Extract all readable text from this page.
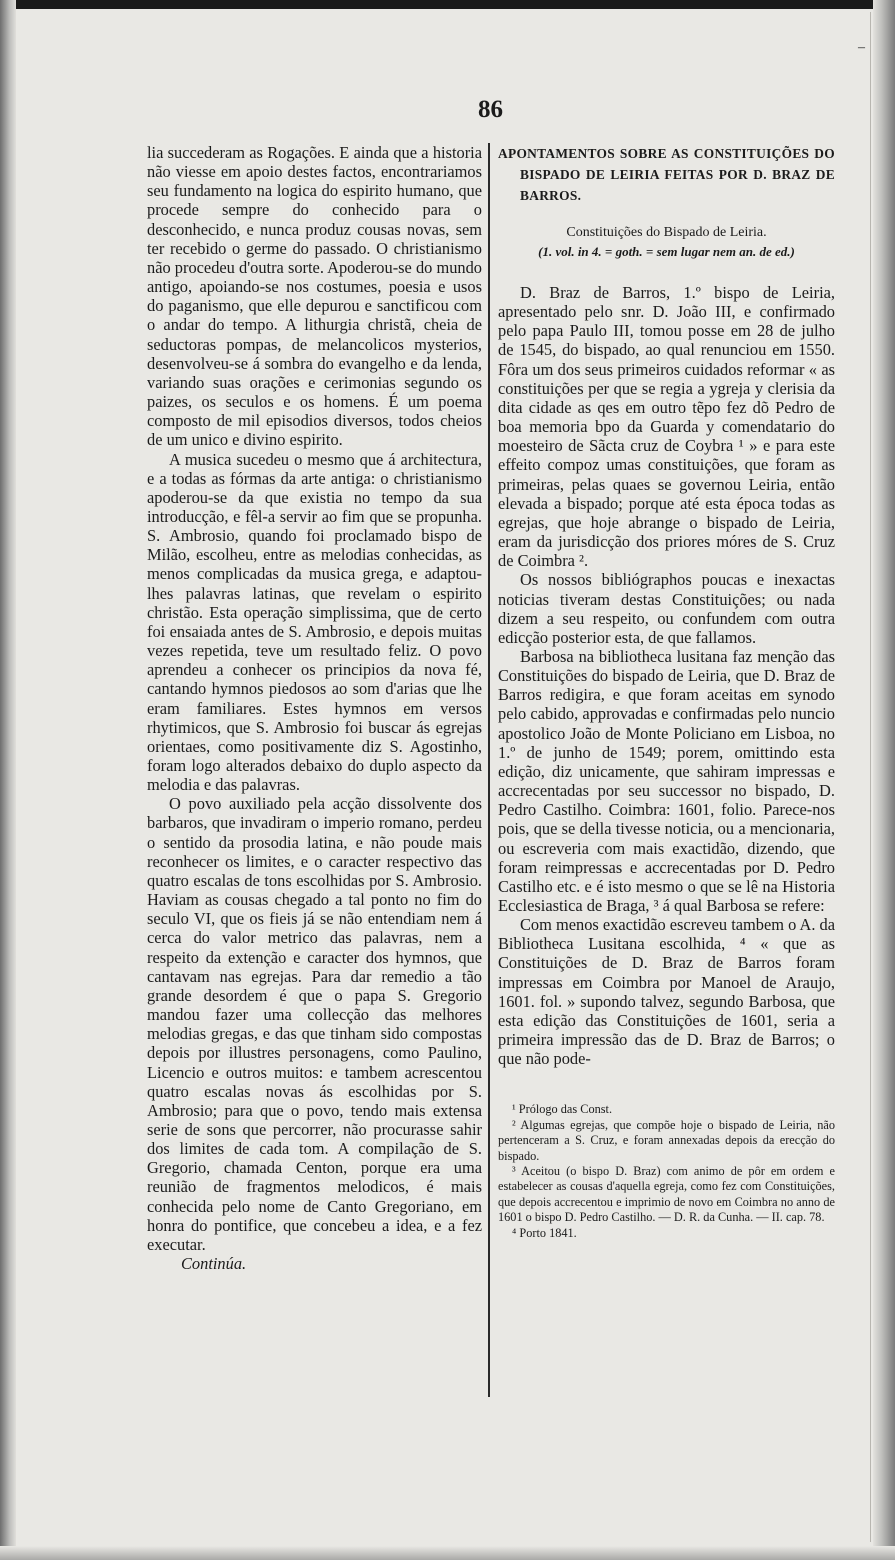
–
86

lia succederam as Rogações. E ainda que a historia não viesse em apoio destes factos, encontrariamos seu fundamento na logica do espirito humano, que procede sempre do conhecido para o desconhecido, e nunca produz cousas novas, sem ter recebido o germe do passado. O christianismo não procedeu d'outra sorte. Apoderou-se do mundo antigo, apoiando-se nos costumes, poesia e usos do paganismo, que elle depurou e sanctificou com o andar do tempo. A lithurgia christã, cheia de seductoras pompas, de melancolicos mysterios, desenvolveu-se á sombra do evangelho e da lenda, variando suas orações e cerimonias segundo os paizes, os seculos e os homens. É um poema composto de mil episodios diversos, todos cheios de um unico e divino espirito.

A musica sucedeu o mesmo que á architectura, e a todas as fórmas da arte antiga: o christianismo apoderou-se da que existia no tempo da sua introducção, e fêl-a servir ao fim que se propunha. S. Ambrosio, quando foi proclamado bispo de Milão, escolheu, entre as melodias conhecidas, as menos complicadas da musica grega, e adaptou-lhes palavras latinas, que revelam o espirito christão. Esta operação simplissima, que de certo foi ensaiada antes de S. Ambrosio, e depois muitas vezes repetida, teve um resultado feliz. O povo aprendeu a conhecer os principios da nova fé, cantando hymnos piedosos ao som d'arias que lhe eram familiares. Estes hymnos em versos rhytimicos, que S. Ambrosio foi buscar ás egrejas orientaes, como positivamente diz S. Agostinho, foram logo alterados debaixo do duplo aspecto da melodia e das palavras.

O povo auxiliado pela acção dissolvente dos barbaros, que invadiram o imperio romano, perdeu o sentido da prosodia latina, e não poude mais reconhecer os limites, e o caracter respectivo das quatro escalas de tons escolhidas por S. Ambrosio. Haviam as cousas chegado a tal ponto no fim do seculo VI, que os fieis já se não entendiam nem á cerca do valor metrico das palavras, nem a respeito da extenção e caracter dos hymnos, que cantavam nas egrejas. Para dar remedio a tão grande desordem é que o papa S. Gregorio mandou fazer uma collecção das melhores melodias gregas, e das que tinham sido compostas depois por illustres personagens, como Paulino, Licencio e outros muitos: e tambem acrescentou quatro escalas novas ás escolhidas por S. Ambrosio; para que o povo, tendo mais extensa serie de sons que percorrer, não procurasse sahir dos limites de cada tom. A compilação de S. Gregorio, chamada Centon, porque era uma reunião de fragmentos melodicos, é mais conhecida pelo nome de Canto Gregoriano, em honra do pontifice, que concebeu a idea, e a fez executar.

Continúa.

APONTAMENTOS SOBRE AS CONSTITUIÇÕES DO BISPADO DE LEIRIA FEITAS POR D. BRAZ DE BARROS.

Constituições do Bispado de Leiria.

(1. vol. in 4. = goth. = sem lugar nem an. de ed.)

D. Braz de Barros, 1.º bispo de Leiria, apresentado pelo snr. D. João III, e confirmado pelo papa Paulo III, tomou posse em 28 de julho de 1545, do bispado, ao qual renunciou em 1550. Fôra um dos seus primeiros cuidados reformar « as constituições per que se regia a ygreja y clerisia da dita cidade as qes em outro tẽpo fez dõ Pedro de boa memoria bpo da Guarda y comendatario do moesteiro de Sãcta cruz de Coybra ¹ » e para este effeito compoz umas constituições, que foram as primeiras, pelas quaes se governou Leiria, então elevada a bispado; porque até esta época todas as egrejas, que hoje abrange o bispado de Leiria, eram da jurisdicção dos priores móres de S. Cruz de Coimbra ².

Os nossos bibliógraphos poucas e inexactas noticias tiveram destas Constituições; ou nada dizem a seu respeito, ou confundem com outra edicção posterior esta, de que fallamos.

Barbosa na bibliotheca lusitana faz menção das Constituições do bispado de Leiria, que D. Braz de Barros redigira, e que foram aceitas em synodo pelo cabido, approvadas e confirmadas pelo nuncio apostolico João de Monte Policiano em Lisboa, no 1.º de junho de 1549; porem, omittindo esta edição, diz unicamente, que sahiram impressas e accrecentadas por seu successor no bispado, D. Pedro Castilho. Coimbra: 1601, folio. Parece-nos pois, que se della tivesse noticia, ou a mencionaria, ou escreveria com mais exactidão, dizendo, que foram reimpressas e accrecentadas por D. Pedro Castilho etc. e é isto mesmo o que se lê na Historia Ecclesiastica de Braga, ³ á qual Barbosa se refere:

Com menos exactidão escreveu tambem o A. da Bibliotheca Lusitana escolhida, ⁴ « que as Constituições de D. Braz de Barros foram impressas em Coimbra por Manoel de Araujo, 1601. fol. » supondo talvez, segundo Barbosa, que esta edição das Constituições de 1601, seria a primeira impressão das de D. Braz de Barros; o que não pode-

¹ Prólogo das Const.

² Algumas egrejas, que compõe hoje o bispado de Leiria, não pertenceram a S. Cruz, e foram annexadas depois da erecção do bispado.

³ Aceitou (o bispo D. Braz) com animo de pôr em ordem e estabelecer as cousas d'aquella egreja, como fez com Constituições, que depois accrecentou e imprimio de novo em Coimbra no anno de 1601 o bispo D. Pedro Castilho. — D. R. da Cunha. — II. cap. 78.

⁴ Porto 1841.
